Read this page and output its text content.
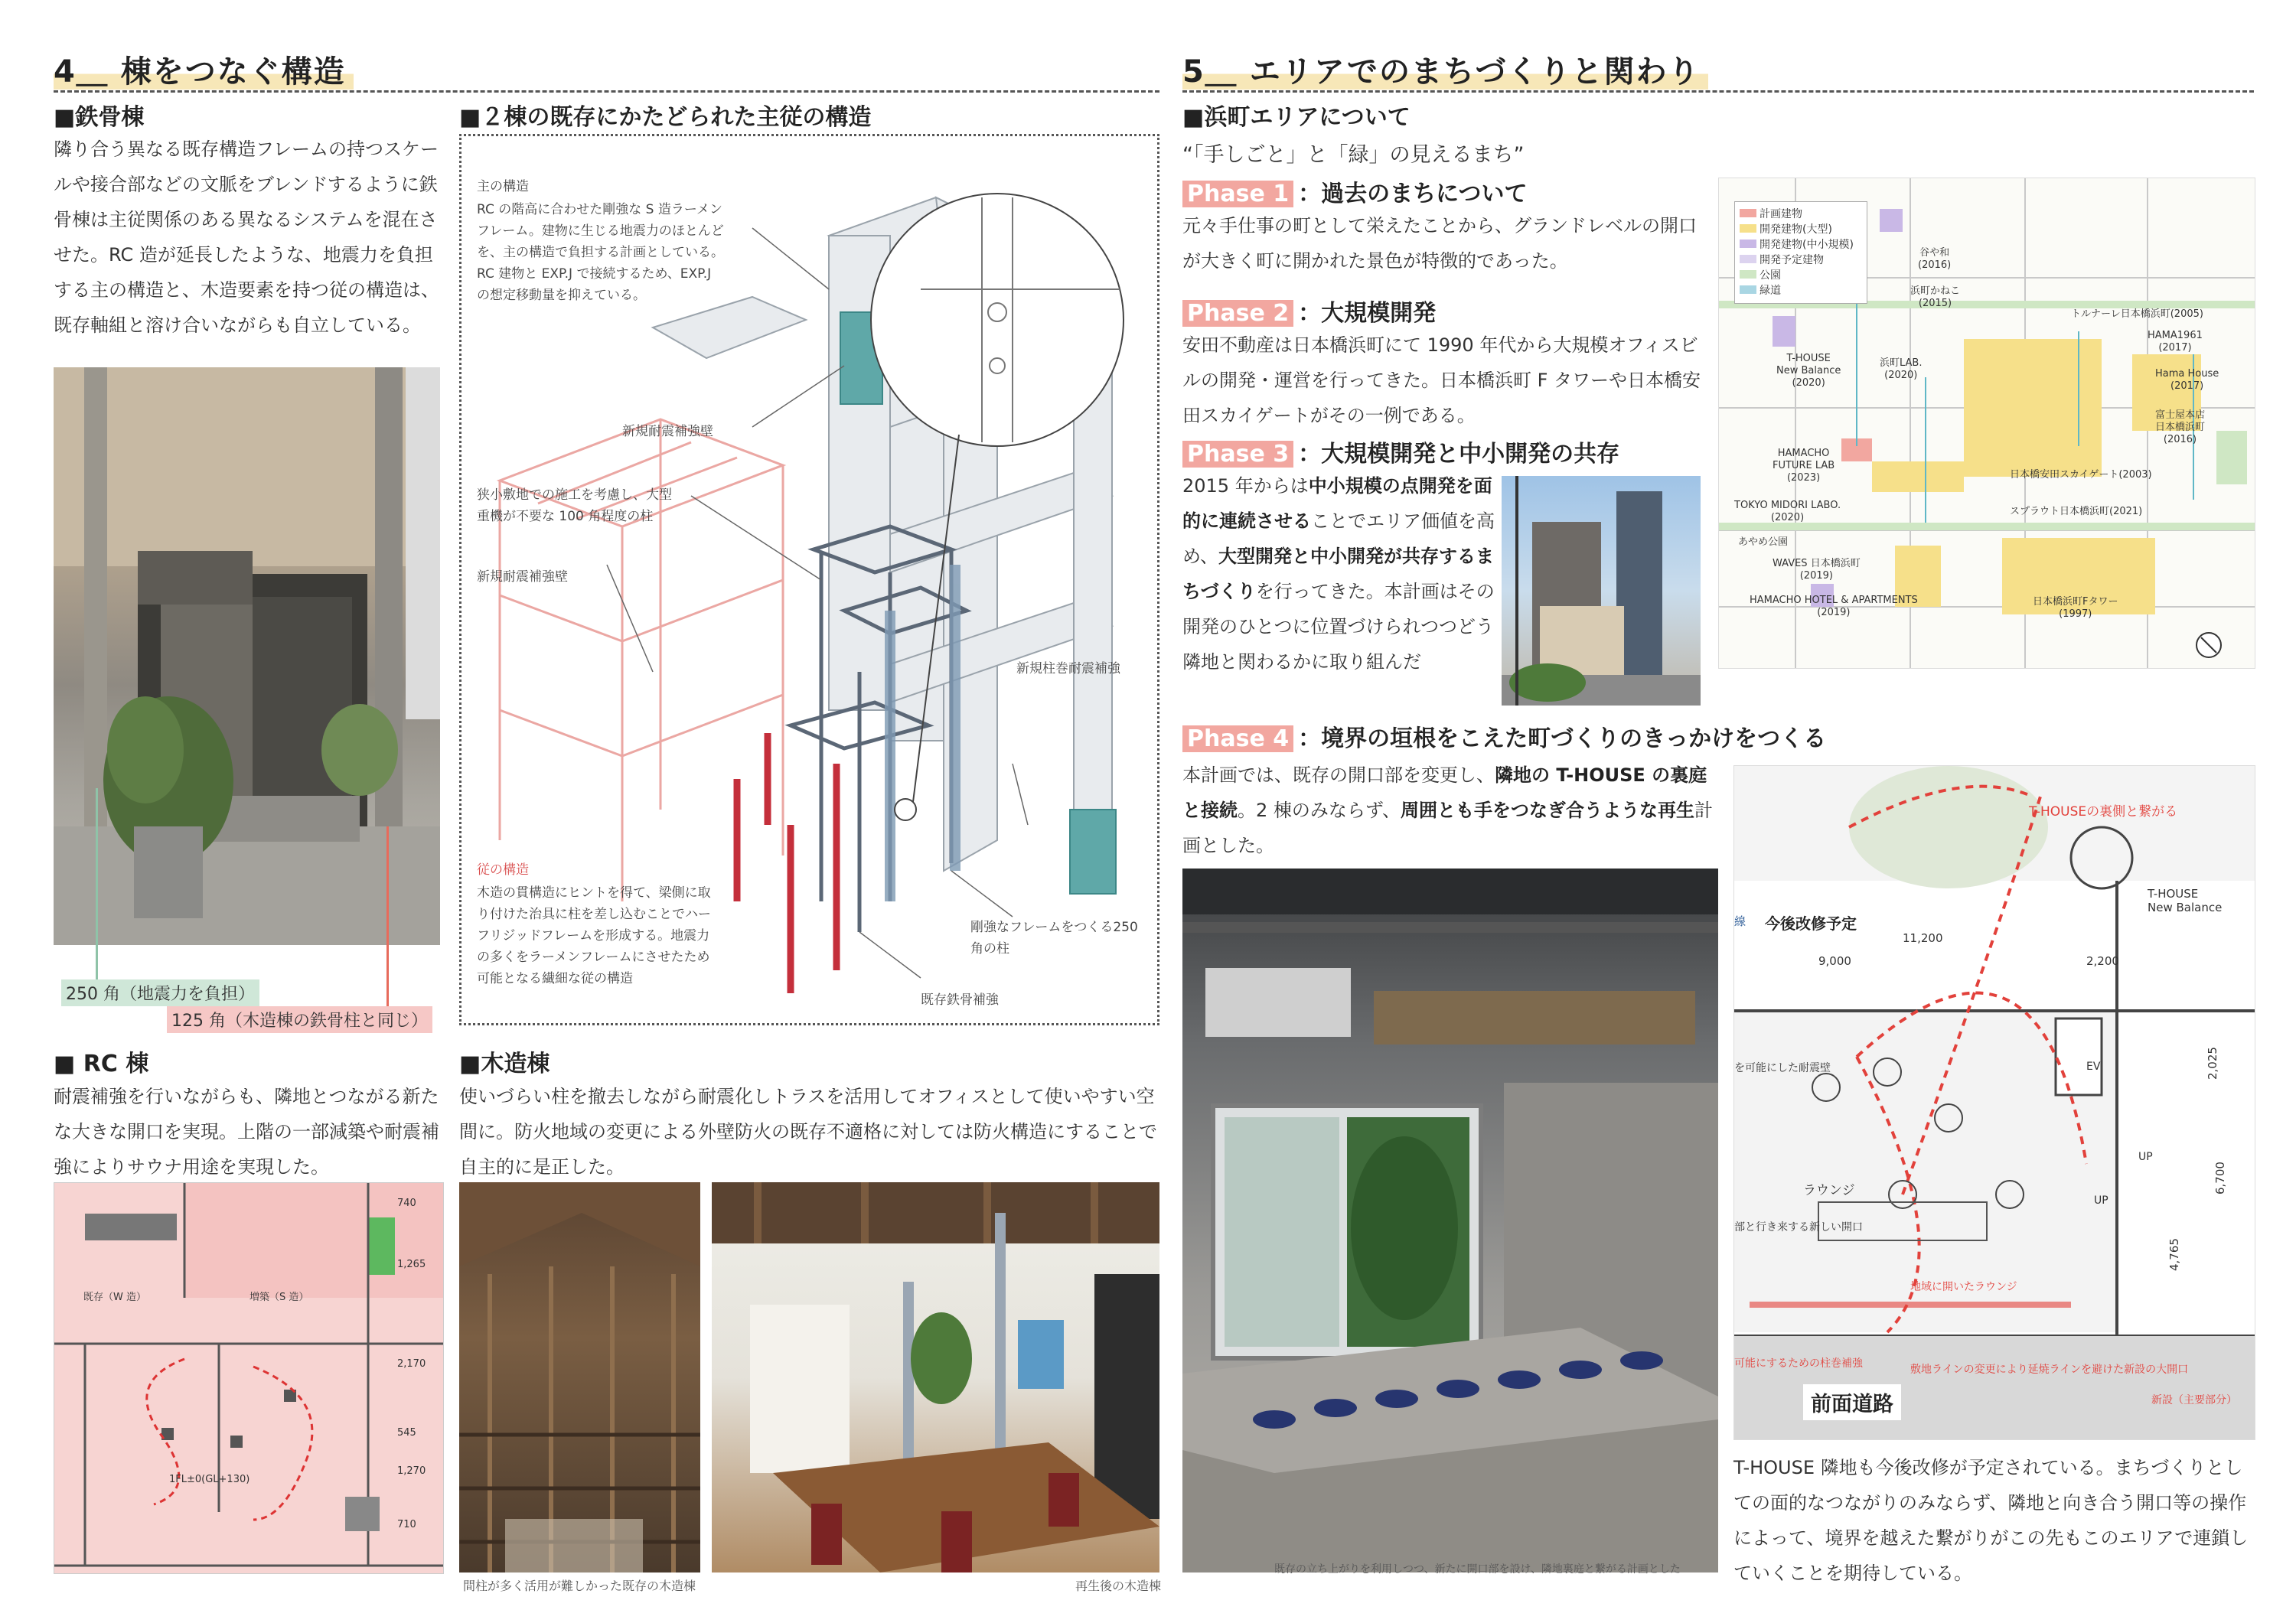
4＿ 棟をつなぐ構造
■鉄骨棟
隣り合う異なる既存構造フレームの持つスケールや接合部などの文脈をブレンドするように鉄骨棟は主従関係のある異なるシステムを混在させた。RC 造が延長したような、地震力を負担する主の構造と、木造要素を持つ従の構造は、既存軸組と溶け合いながらも自立している。
250 角（地震力を負担）
125 角（木造棟の鉄骨柱と同じ）
■２棟の既存にかたどられた主従の構造
主の構造
RC の階高に合わせた剛強な S 造ラーメンフレーム。建物に生じる地震力のほとんどを、主の構造で負担する計画としている。RC 建物と EXP.J で接続するため、EXP.J の想定移動量を抑えている。
新規耐震補強壁
狭小敷地での施工を考慮し、大型重機が不要な 100 角程度の柱
新規耐震補強壁
新規柱巻耐震補強
従の構造
木造の貫構造にヒントを得て、梁側に取り付けた治具に柱を差し込むことでハーフリジッドフレームを形成する。地震力の多くをラーメンフレームにさせたため可能となる繊細な従の構造
剛強なフレームをつくる250 角の柱
既存鉄骨補強
■ RC 棟
耐震補強を行いながらも、隣地とつながる新たな大きな開口を実現。上階の一部減築や耐震補強によりサウナ用途を実現した。
740
1,265
2,170
545
1,270
710
既存（W 造）	増築（S 造）
1FL±0(GL+130)
■木造棟
使いづらい柱を撤去しながら耐震化しトラスを活用してオフィスとして使いやすい空間に。防火地域の変更による外壁防火の既存不適格に対しては防火構造にすることで自主的に是正した。
間柱が多く活用が難しかった既存の木造棟	再生後の木造棟
5＿ エリアでのまちづくりと関わり
■浜町エリアについて
“「手しごと」と「緑」の見えるまち”
Phase 1 ：過去のまちについて
元々手仕事の町として栄えたことから、グランドレベルの開口が大きく町に開かれた景色が特徴的であった。
Phase 2 ：大規模開発
安田不動産は日本橋浜町にて 1990 年代から大規模オフィスビルの開発・運営を行ってきた。日本橋浜町 F タワーや日本橋安田スカイゲートがその一例である。
Phase 3 ：大規模開発と中小開発の共存
2015 年からは中小規模の点開発を面的に連続させることでエリア価値を高め、大型開発と中小開発が共存するまちづくりを行ってきた。本計画はその開発のひとつに位置づけられつつどう隣地と関わるかに取り組んだ
計画建物
開発建物(大型)
開発建物(中小規模)
開発予定建物
公園
緑道
谷や和
(2016)
浜町かねこ
(2015)
トルナーレ日本橋浜町(2005)
HAMA1961
(2017)
T-HOUSE
New Balance
(2020)
浜町LAB.
(2020)	Hama House
(2017)
富士屋本店
日本橋浜町
(2016)
HAMACHO
FUTURE LAB
(2023)	日本橋安田スカイゲート(2003)
TOKYO MIDORI LABO.
(2020)
スプラウト日本橋浜町(2021)
あやめ公園
WAVES 日本橋浜町
(2019)
HAMACHO HOTEL & APARTMENTS
(2019)
日本橋浜町Fタワー
(1997)
Phase 4 ：境界の垣根をこえた町づくりのきっかけをつくる
本計画では、既存の開口部を変更し、隣地の T-HOUSE の裏庭と接続。2 棟のみならず、周囲とも手をつなぎ合うような再生計画とした。
既存の立ち上がりを利用しつつ、新たに開口部を設け、隣地裏庭と繋がる計画とした
11,200
9,000	2,200
2,025
6,700
4,765
T-HOUSEの裏側と繋がる
T-HOUSE
New Balance
線 今後改修予定
を可能にした耐震壁	EV
ラウンジ
UP
UP
部と行き来する新しい開口
地域に開いたラウンジ
可能にするための柱巻補強	敷地ラインの変更により延焼ラインを避けた新設の大開口
前面道路	新設（主要部分）
T-HOUSE 隣地も今後改修が予定されている。まちづくりとしての面的なつながりのみならず、隣地と向き合う開口等の操作によって、境界を越えた繋がりがこの先もこのエリアで連鎖していくことを期待している。
